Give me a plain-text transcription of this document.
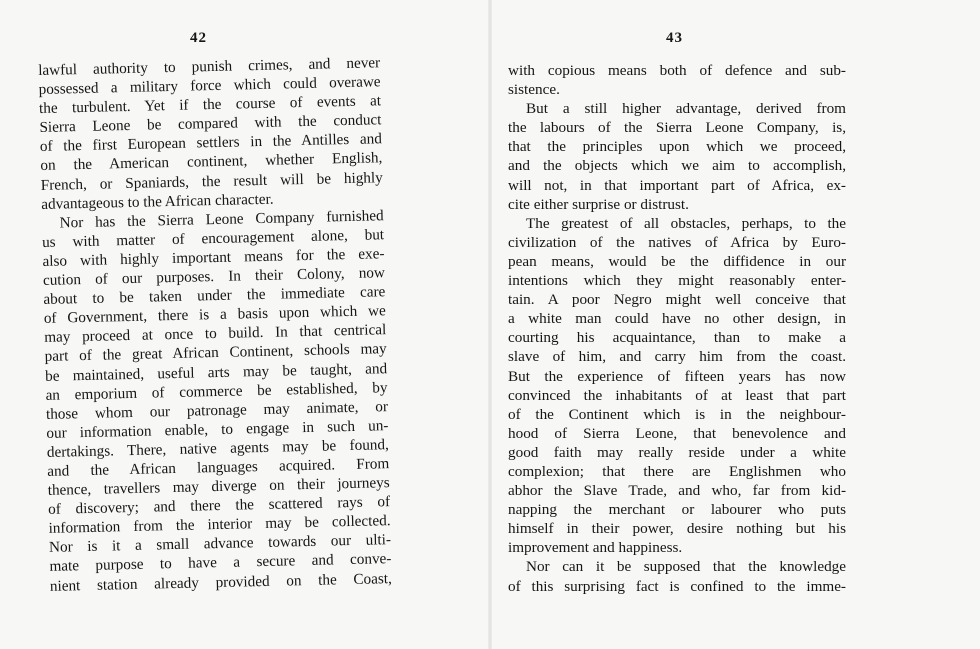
42
lawful authority to punish crimes, and never
possessed a military force which could overawe
the turbulent. Yet if the course of events at
Sierra Leone be compared with the conduct
of the first European settlers in the Antilles and
on the American continent, whether English,
French, or Spaniards, the result will be highly
advantageous to the African character.
Nor has the Sierra Leone Company furnished
us with matter of encouragement alone, but
also with highly important means for the exe-
cution of our purposes. In their Colony, now
about to be taken under the immediate care
of Government, there is a basis upon which we
may proceed at once to build. In that centrical
part of the great African Continent, schools may
be maintained, useful arts may be taught, and
an emporium of commerce be established, by
those whom our patronage may animate, or
our information enable, to engage in such un-
dertakings. There, native agents may be found,
and the African languages acquired. From
thence, travellers may diverge on their journeys
of discovery; and there the scattered rays of
information from the interior may be collected.
Nor is it a small advance towards our ulti-
mate purpose to have a secure and conve-
nient station already provided on the Coast,
43
with copious means both of defence and sub-
sistence.
But a still higher advantage, derived from
the labours of the Sierra Leone Company, is,
that the principles upon which we proceed,
and the objects which we aim to accomplish,
will not, in that important part of Africa, ex-
cite either surprise or distrust.
The greatest of all obstacles, perhaps, to the
civilization of the natives of Africa by Euro-
pean means, would be the diffidence in our
intentions which they might reasonably enter-
tain. A poor Negro might well conceive that
a white man could have no other design, in
courting his acquaintance, than to make a
slave of him, and carry him from the coast.
But the experience of fifteen years has now
convinced the inhabitants of at least that part
of the Continent which is in the neighbour-
hood of Sierra Leone, that benevolence and
good faith may really reside under a white
complexion; that there are Englishmen who
abhor the Slave Trade, and who, far from kid-
napping the merchant or labourer who puts
himself in their power, desire nothing but his
improvement and happiness.
Nor can it be supposed that the knowledge
of this surprising fact is confined to the imme-
